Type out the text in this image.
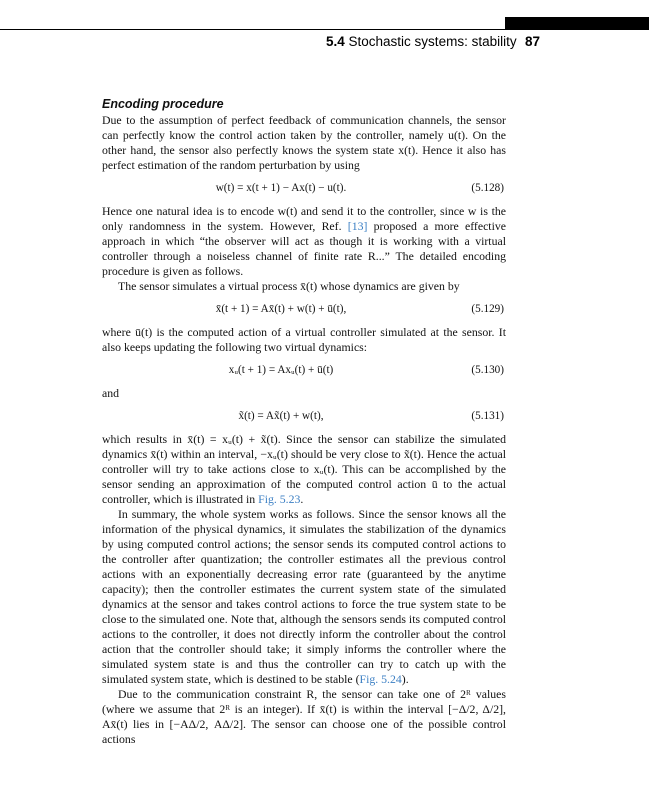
5.4 Stochastic systems: stability 87
Encoding procedure

Due to the assumption of perfect feedback of communication channels, the sensor can perfectly know the control action taken by the controller, namely u(t). On the other hand, the sensor also perfectly knows the system state x(t). Hence it also has perfect estimation of the random perturbation by using

w(t) = x(t + 1) − Ax(t) − u(t).	(5.128)

Hence one natural idea is to encode w(t) and send it to the controller, since w is the only randomness in the system. However, Ref. [13] proposed a more effective approach in which “the observer will act as though it is working with a virtual controller through a noiseless channel of finite rate R...” The detailed encoding procedure is given as follows.

The sensor simulates a virtual process x̄(t) whose dynamics are given by

x̄(t + 1) = Ax̄(t) + w(t) + ū(t),	(5.129)

where ū(t) is the computed action of a virtual controller simulated at the sensor. It also keeps updating the following two virtual dynamics:

xᵤ(t + 1) = Axᵤ(t) + ū(t)	(5.130)

and

x̃(t) = Ax̃(t) + w(t),	(5.131)

which results in x̄(t) = xᵤ(t) + x̃(t). Since the sensor can stabilize the simulated dynamics x̄(t) within an interval, −xᵤ(t) should be very close to x̃(t). Hence the actual controller will try to take actions close to xᵤ(t). This can be accomplished by the sensor sending an approximation of the computed control action ū to the actual controller, which is illustrated in Fig. 5.23.

In summary, the whole system works as follows. Since the sensor knows all the information of the physical dynamics, it simulates the stabilization of the dynamics by using computed control actions; the sensor sends its computed control actions to the controller after quantization; the controller estimates all the previous control actions with an exponentially decreasing error rate (guaranteed by the anytime capacity); then the controller estimates the current system state of the simulated dynamics at the sensor and takes control actions to force the true system state to be close to the simulated one. Note that, although the sensors sends its computed control actions to the controller, it does not directly inform the controller about the control action that the controller should take; it simply informs the controller where the simulated system state is and thus the controller can try to catch up with the simulated system state, which is destined to be stable (Fig. 5.24).

Due to the communication constraint R, the sensor can take one of 2ᴿ values (where we assume that 2ᴿ is an integer). If x̄(t) is within the interval [−Δ/2, Δ/2], Ax̄(t) lies in [−AΔ/2, AΔ/2]. The sensor can choose one of the possible control actions
